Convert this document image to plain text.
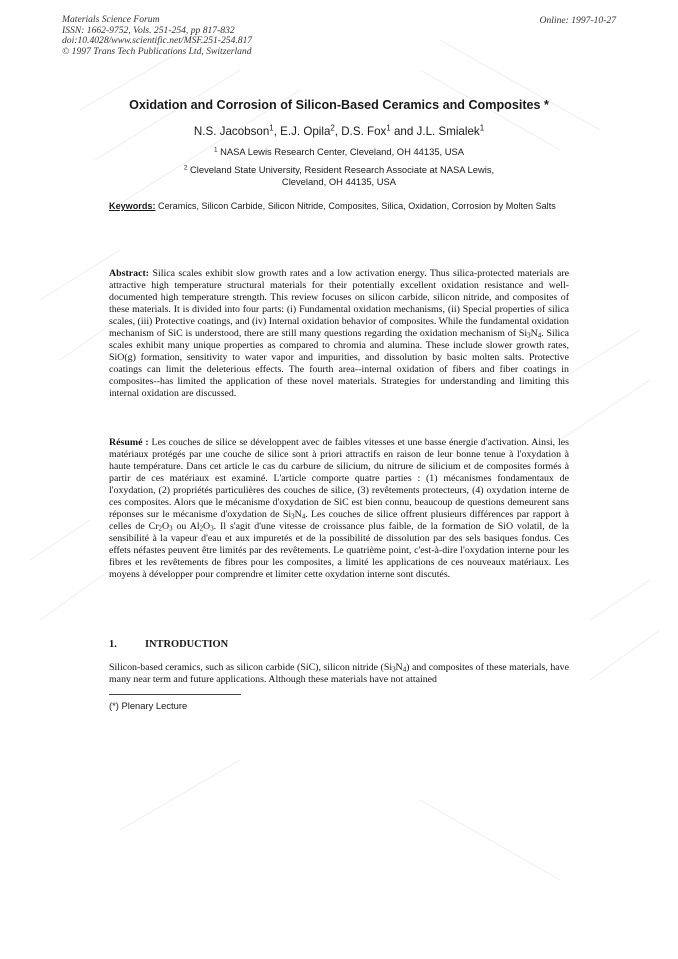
Materials Science Forum
ISSN: 1662-9752, Vols. 251-254, pp 817-832
doi:10.4028/www.scientific.net/MSF.251-254.817
© 1997 Trans Tech Publications Ltd, Switzerland
Online: 1997-10-27
Oxidation and Corrosion of Silicon-Based Ceramics and Composites *
N.S. Jacobson$^1$, E.J. Opila$^2$, D.S. Fox$^1$ and J.L. Smialek$^1$
$^1$ NASA Lewis Research Center, Cleveland, OH 44135, USA
$^2$ Cleveland State University, Resident Research Associate at NASA Lewis,
Cleveland, OH 44135, USA
Keywords: Ceramics, Silicon Carbide, Silicon Nitride, Composites, Silica, Oxidation, Corrosion by Molten Salts
Abstract: Silica scales exhibit slow growth rates and a low activation energy. Thus silica-protected materials are attractive high temperature structural materials for their potentially excellent oxidation resistance and well-documented high temperature strength. This review focuses on silicon carbide, silicon nitride, and composites of these materials. It is divided into four parts: (i) Fundamental oxidation mechanisms, (ii) Special properties of silica scales, (iii) Protective coatings, and (iv) Internal oxidation behavior of composites. While the fundamental oxidation mechanism of SiC is understood, there are still many questions regarding the oxidation mechanism of $Si_3N_4$. Silica scales exhibit many unique properties as compared to chromia and alumina. These include slower growth rates, SiO(g) formation, sensitivity to water vapor and impurities, and dissolution by basic molten salts. Protective coatings can limit the deleterious effects. The fourth area--internal oxidation of fibers and fiber coatings in composites--has limited the application of these novel materials. Strategies for understanding and limiting this internal oxidation are discussed.
Résumé : Les couches de silice se développent avec de faibles vitesses et une basse énergie d'activation. Ainsi, les matériaux protégés par une couche de silice sont à priori attractifs en raison de leur bonne tenue à l'oxydation à haute température. Dans cet article le cas du carbure de silicium, du nitrure de silicium et de composites formés à partir de ces matériaux est examiné. L'article comporte quatre parties : (1) mécanismes fondamentaux de l'oxydation, (2) propriétés particulières des couches de silice, (3) revêtements protecteurs, (4) oxydation interne de ces composites. Alors que le mécanisme d'oxydation de SiC est bien connu, beaucoup de questions demeurent sans réponses sur le mécanisme d'oxydation de $Si_3N_4$. Les couches de silice offrent plusieurs différences par rapport à celles de $Cr_2O_3$ ou $Al_2O_3$. Il s'agit d'une vitesse de croissance plus faible, de la formation de SiO volatil, de la sensibilité à la vapeur d'eau et aux impuretés et de la possibilité de dissolution par des sels basiques fondus. Ces effets néfastes peuvent être limités par des revêtements. Le quatrième point, c'est-à-dire l'oxydation interne pour les fibres et les revêtements de fibres pour les composites, a limité les applications de ces nouveaux matériaux. Les moyens à développer pour comprendre et limiter cette oxydation interne sont discutés.
1.	INTRODUCTION
Silicon-based ceramics, such as silicon carbide (SiC), silicon nitride $(Si_3N_4)$ and composites of these materials, have many near term and future applications. Although these materials have not attained
(*) Plenary Lecture
